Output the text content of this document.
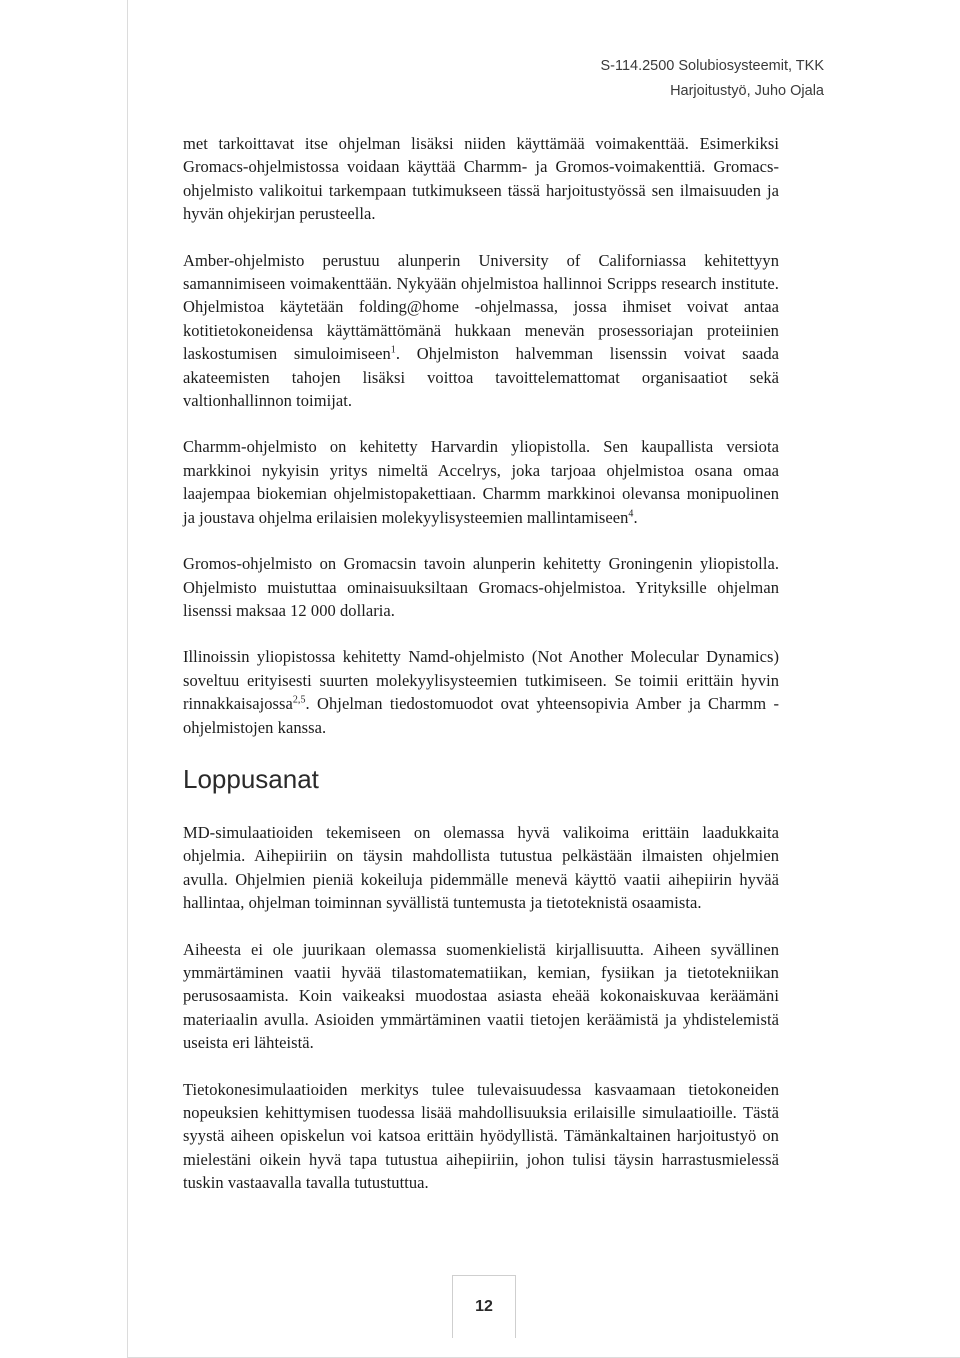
S-114.2500 Solubiosysteemit, TKK
Harjoitustyö, Juho Ojala

met tarkoittavat itse ohjelman lisäksi niiden käyttämää voimakenttää. Esimerkiksi Gromacs-ohjelmistossa voidaan käyttää Charmm- ja Gromos-voimakenttiä. Gromacs-ohjelmisto valikoitui tarkempaan tutkimukseen tässä harjoitustyössä sen ilmaisuuden ja hyvän ohjekirjan perusteella.

Amber-ohjelmisto perustuu alunperin University of Californiassa kehitettyyn samannimiseen voimakenttään. Nykyään ohjelmistoa hallinnoi Scripps research institute. Ohjelmistoa käytetään folding@home -ohjelmassa, jossa ihmiset voivat antaa kotitietokoneidensa käyttämättömänä hukkaan menevän prosessoriajan proteiinien laskostumisen simuloimiseen$^1$. Ohjelmiston halvemman lisenssin voivat saada akateemisten tahojen lisäksi voittoa tavoittelemattomat organisaatiot sekä valtionhallinnon toimijat.

Charmm-ohjelmisto on kehitetty Harvardin yliopistolla. Sen kaupallista versiota markkinoi nykyisin yritys nimeltä Accelrys, joka tarjoaa ohjelmistoa osana omaa laajempaa biokemian ohjelmistopakettiaan. Charmm markkinoi olevansa monipuolinen ja joustava ohjelma erilaisien molekyylisysteemien mallintamiseen$^4$.

Gromos-ohjelmisto on Gromacsin tavoin alunperin kehitetty Groningenin yliopistolla. Ohjelmisto muistuttaa ominaisuuksiltaan Gromacs-ohjelmistoa. Yrityksille ohjelman lisenssi maksaa 12 000 dollaria.

Illinoissin yliopistossa kehitetty Namd-ohjelmisto (Not Another Molecular Dynamics) soveltuu erityisesti suurten molekyylisysteemien tutkimiseen. Se toimii erittäin hyvin rinnakkaisajossa$^{2,5}$. Ohjelman tiedostomuodot ovat yhteensopivia Amber ja Charmm -ohjelmistojen kanssa.

Loppusanat

MD-simulaatioiden tekemiseen on olemassa hyvä valikoima erittäin laadukkaita ohjelmia. Aihepiiriin on täysin mahdollista tutustua pelkästään ilmaisten ohjelmien avulla. Ohjelmien pieniä kokeiluja pidemmälle menevä käyttö vaatii aihepiirin hyvää hallintaa, ohjelman toiminnan syvällistä tuntemusta ja tietoteknistä osaamista.

Aiheesta ei ole juurikaan olemassa suomenkielistä kirjallisuutta. Aiheen syvällinen ymmärtäminen vaatii hyvää tilastomatematiikan, kemian, fysiikan ja tietotekniikan perusosaamista. Koin vaikeaksi muodostaa asiasta eheää kokonaiskuvaa keräämäni materiaalin avulla. Asioiden ymmärtäminen vaatii tietojen keräämistä ja yhdistelemistä useista eri lähteistä.

Tietokonesimulaatioiden merkitys tulee tulevaisuudessa kasvaamaan tietokoneiden nopeuksien kehittymisen tuodessa lisää mahdollisuuksia erilaisille simulaatioille. Tästä syystä aiheen opiskelun voi katsoa erittäin hyödyllistä. Tämänkaltainen harjoitustyö on mielestäni oikein hyvä tapa tutustua aihepiiriin, johon tulisi täysin harrastusmielessä tuskin vastaavalla tavalla tutustuttua.

12
